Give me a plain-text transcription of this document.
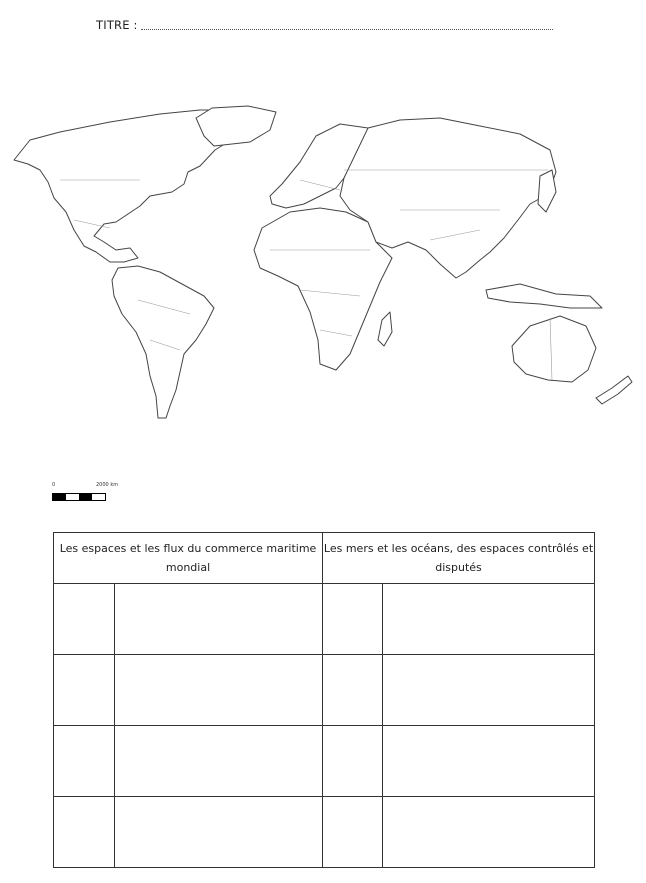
TITRE :
0	2000 km
Les espaces et les flux du commerce maritime mondial		Les mers et les océans, des espaces contrôlés et disputés	
